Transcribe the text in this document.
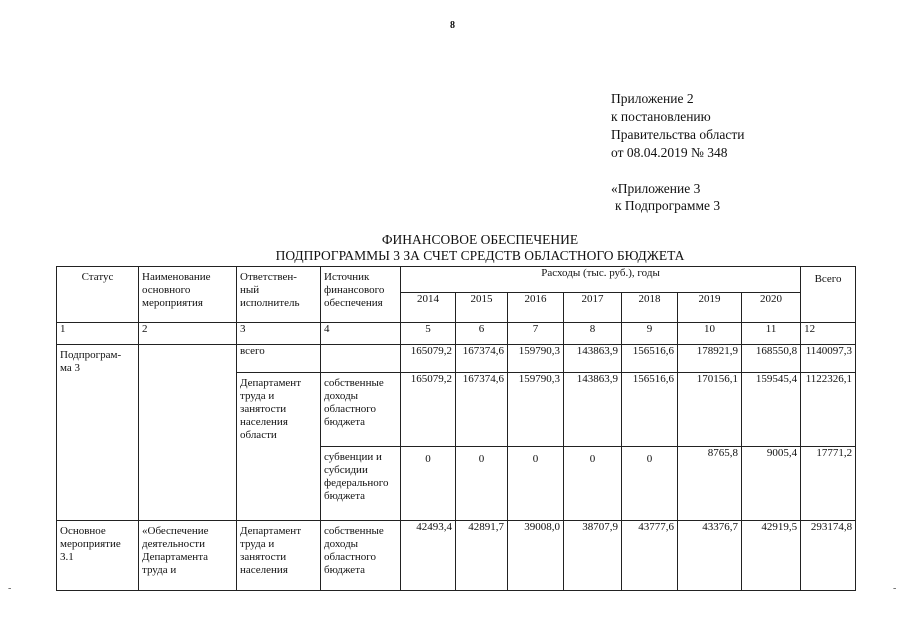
8
Приложение 2
к постановлению
Правительства области
от 08.04.2019 № 348
«Приложение 3
к Подпрограмме 3
ФИНАНСОВОЕ ОБЕСПЕЧЕНИЕ
ПОДПРОГРАММЫ 3 ЗА СЧЕТ СРЕДСТВ ОБЛАСТНОГО БЮДЖЕТА
Статус	Наименование основного мероприятия	Ответствен- ный исполнитель	Источник финансового обеспечения	Расходы (тыс. руб.), годы							Всего
				2014	2015	2016	2017	2018	2019	2020	
1	2	3	4	5	6	7	8	9	10	11	12
Подпрограм- ма 3		всего		165079,2	167374,6	159790,3	143863,9	156516,6	178921,9	168550,8	1140097,3
		Департамент труда и занятости населения области	собственные доходы областного бюджета	165079,2	167374,6	159790,3	143863,9	156516,6	170156,1	159545,4	1122326,1
			субвенции и субсидии федерального бюджета	0	0	0	0	0	8765,8	9005,4	17771,2
Основное мероприятие 3.1	«Обеспечение деятельности Департамента труда и	Департамент труда и занятости населения	собственные доходы областного бюджета	42493,4	42891,7	39008,0	38707,9	43777,6	43376,7	42919,5	293174,8
-	-
